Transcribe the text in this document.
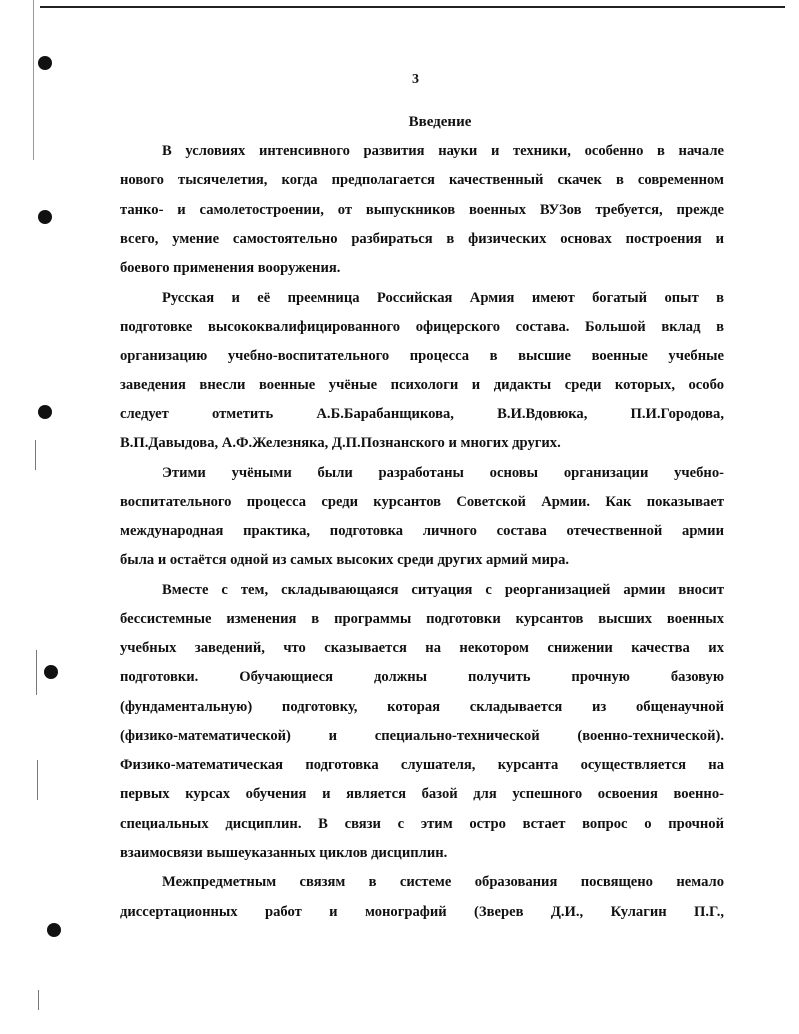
3
Введение
В условиях интенсивного развития науки и техники, особенно в начале
нового тысячелетия, когда предполагается качественный скачек в современном
танко- и самолетостроении, от выпускников военных ВУЗов требуется, прежде
всего, умение самостоятельно разбираться в физических основах построения и
боевого применения вооружения.
Русская и её преемница Российская Армия имеют богатый опыт в
подготовке высококвалифицированного офицерского состава. Большой вклад в
организацию учебно-воспитательного процесса в высшие военные учебные
заведения внесли военные учёные психологи и дидакты среди которых, особо
следует отметить А.Б.Барабанщикова, В.И.Вдовюка, П.И.Городова,
В.П.Давыдова, А.Ф.Железняка, Д.П.Познанского и многих других.
Этими учёными были разработаны основы организации учебно-
воспитательного процесса среди курсантов Советской Армии. Как показывает
международная практика, подготовка личного состава отечественной армии
была и остаётся одной из самых высоких среди других армий мира.
Вместе с тем, складывающаяся ситуация с реорганизацией армии вносит
бессистемные изменения в программы подготовки курсантов высших военных
учебных заведений, что сказывается на некотором снижении качества их
подготовки. Обучающиеся должны получить прочную базовую
(фундаментальную) подготовку, которая складывается из общенаучной
(физико-математической) и специально-технической (военно-технической).
Физико-математическая подготовка слушателя, курсанта осуществляется на
первых курсах обучения и является базой для успешного освоения военно-
специальных дисциплин. В связи с этим остро встает вопрос о прочной
взаимосвязи вышеуказанных циклов дисциплин.
Межпредметным связям в системе образования посвящено немало
диссертационных работ и монографий (Зверев Д.И., Кулагин П.Г.,
